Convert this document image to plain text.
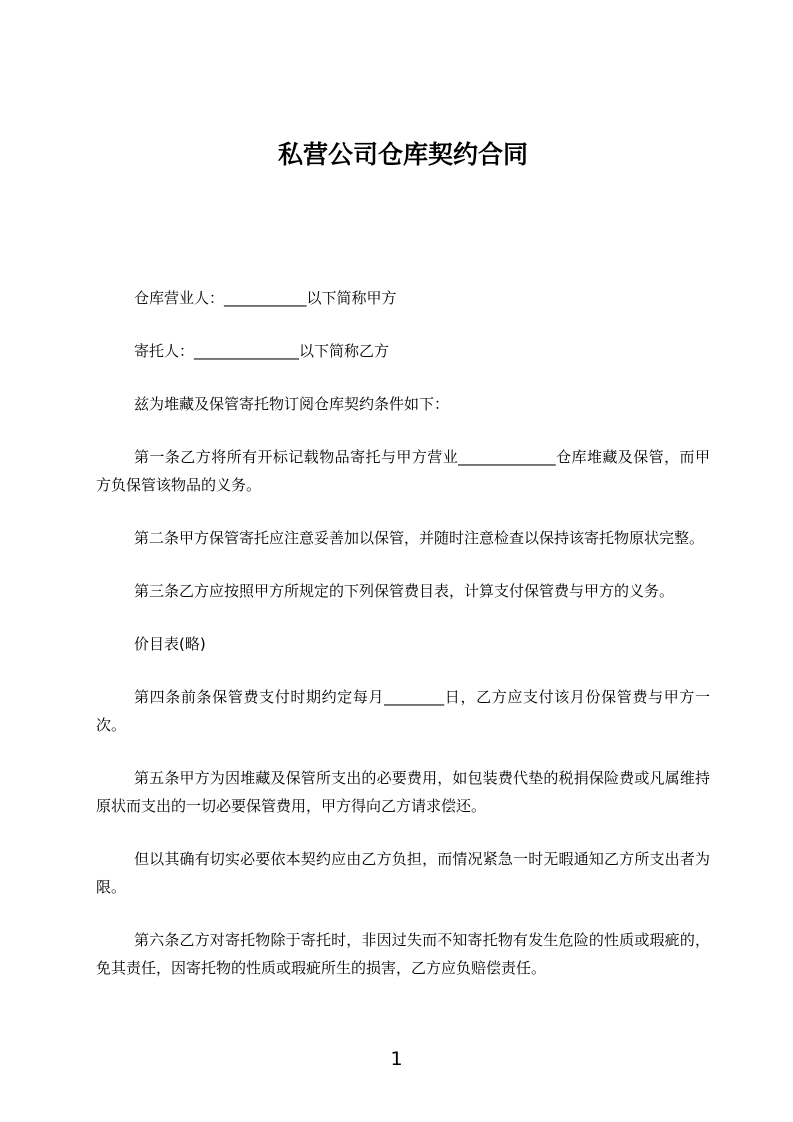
私营公司仓库契约合同

仓库营业人：___________以下简称甲方

寄托人：______________以下简称乙方

兹为堆藏及保管寄托物订阅仓库契约条件如下：

第一条乙方将所有开标记载物品寄托与甲方营业_____________仓库堆藏及保管，而甲方负保管该物品的义务。

第二条甲方保管寄托应注意妥善加以保管，并随时注意检查以保持该寄托物原状完整。

第三条乙方应按照甲方所规定的下列保管费目表，计算支付保管费与甲方的义务。

价目表(略)

第四条前条保管费支付时期约定每月________日，乙方应支付该月份保管费与甲方一次。

第五条甲方为因堆藏及保管所支出的必要费用，如包装费代垫的税捐保险费或凡属维持原状而支出的一切必要保管费用，甲方得向乙方请求偿还。

但以其确有切实必要依本契约应由乙方负担，而情况紧急一时无暇通知乙方所支出者为限。

第六条乙方对寄托物除于寄托时，非因过失而不知寄托物有发生危险的性质或瑕疵的，免其责任，因寄托物的性质或瑕疵所生的损害，乙方应负赔偿责任。

1
